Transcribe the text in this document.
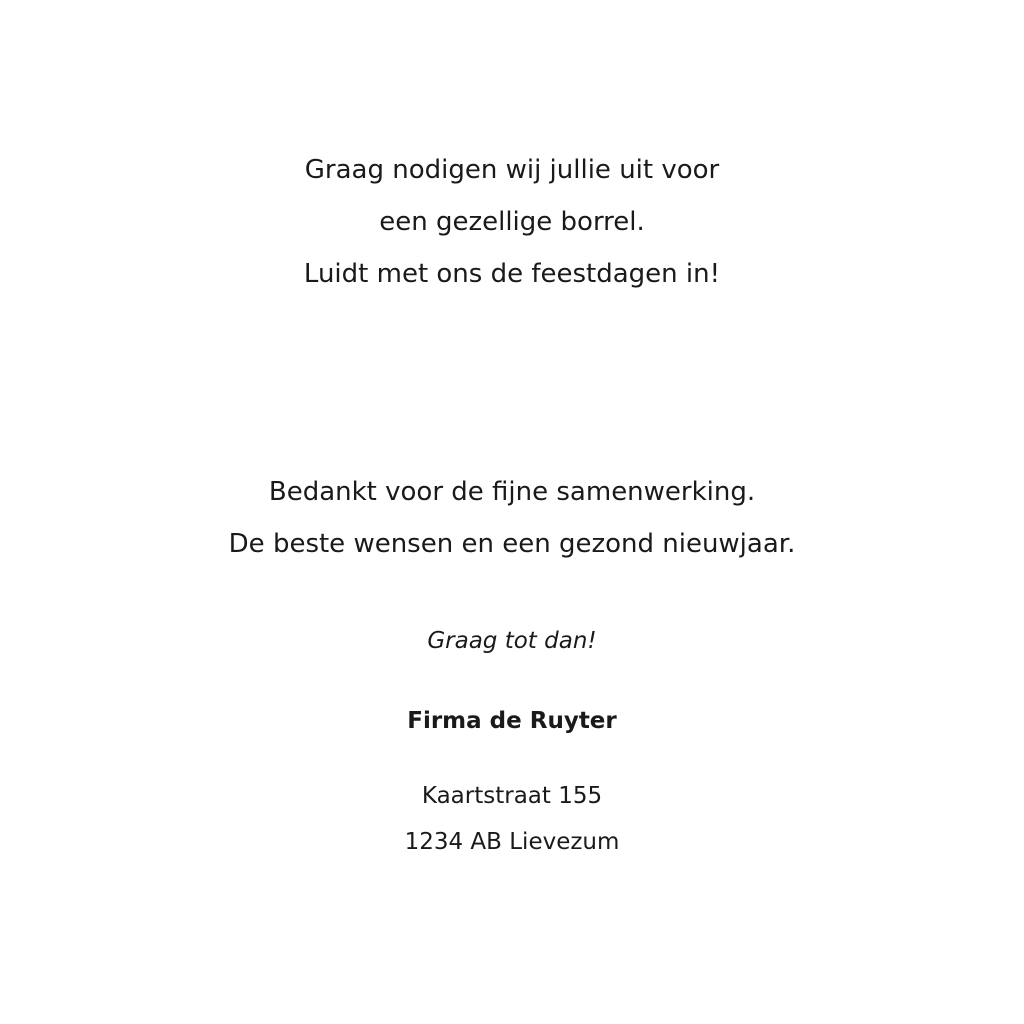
Graag nodigen wij jullie uit voor
een gezellige borrel.
Luidt met ons de feestdagen in!
Bedankt voor de fijne samenwerking.
De beste wensen en een gezond nieuwjaar.
Graag tot dan!
Firma de Ruyter
Kaartstraat 155
1234 AB Lievezum
